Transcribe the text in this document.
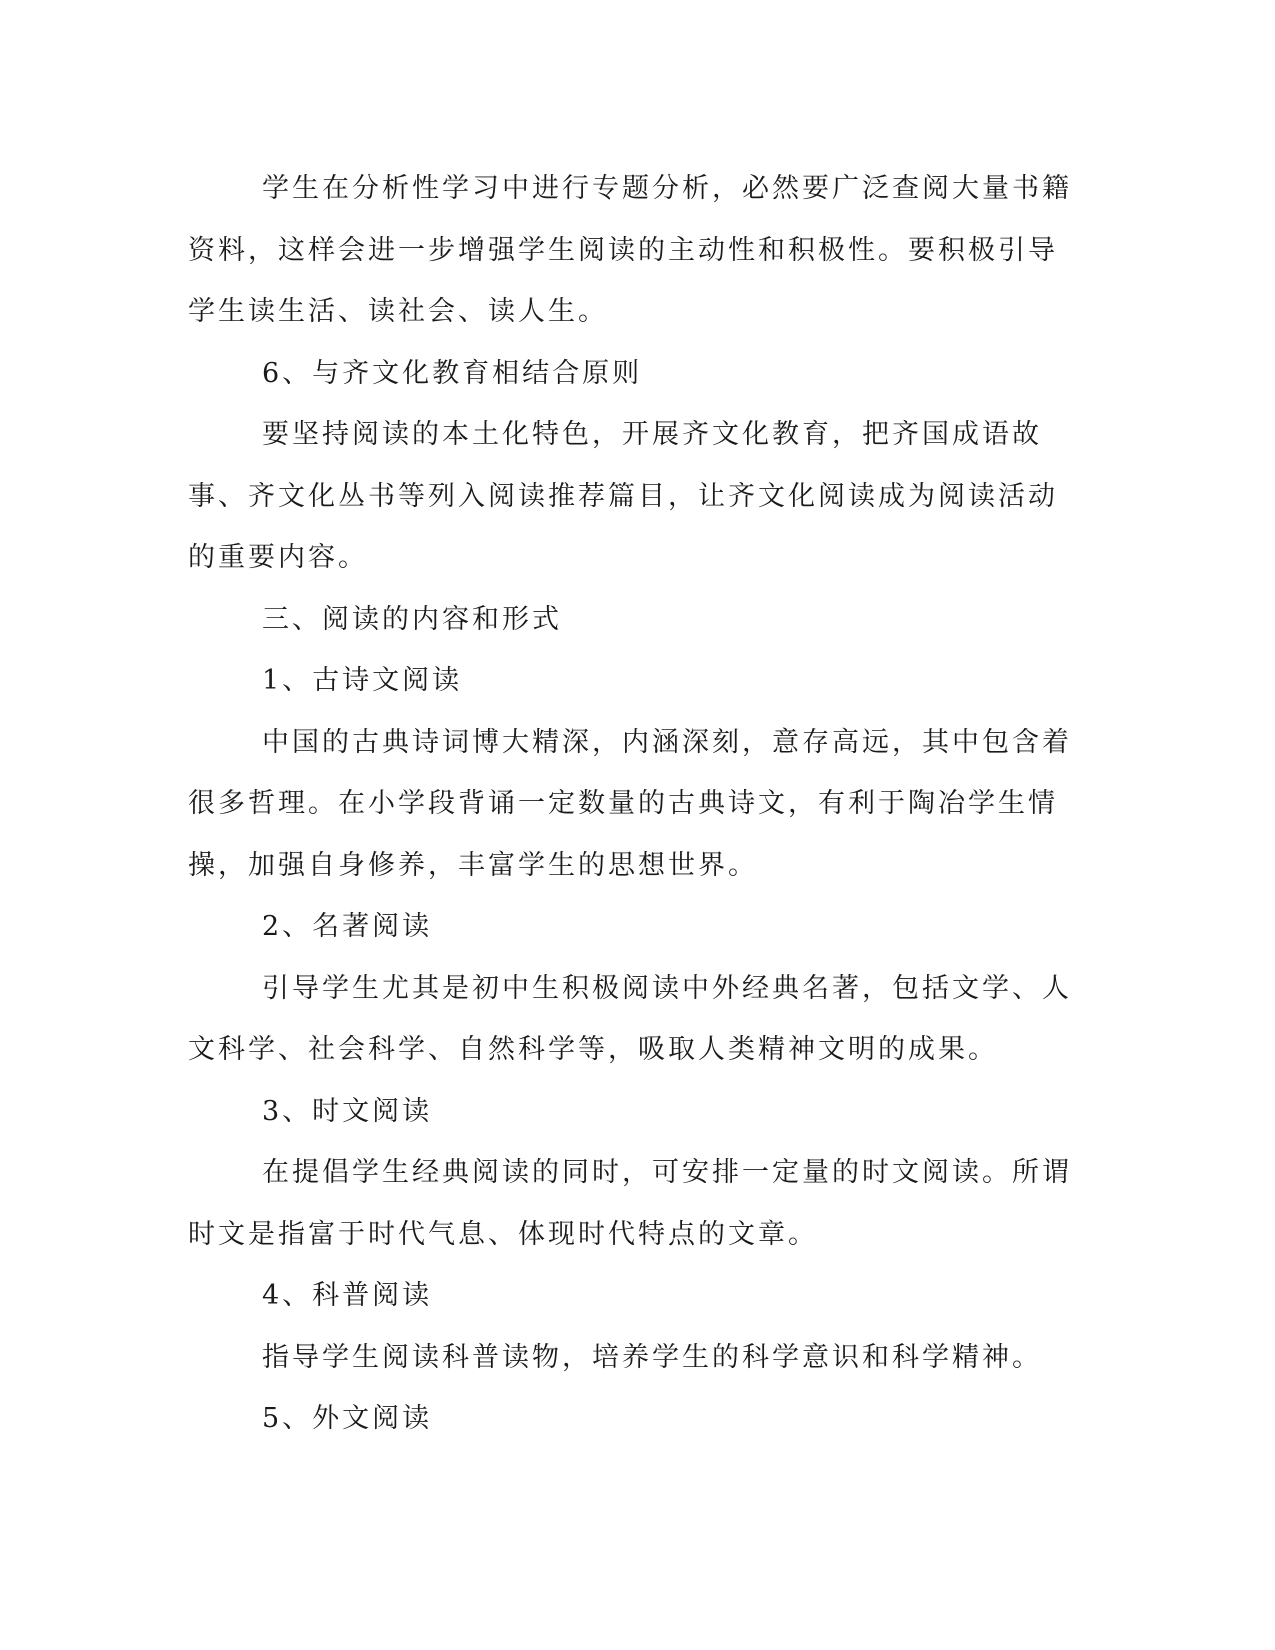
学生在分析性学习中进行专题分析，必然要广泛查阅大量书籍资料，这样会进一步增强学生阅读的主动性和积极性。要积极引导学生读生活、读社会、读人生。

6、与齐文化教育相结合原则

要坚持阅读的本土化特色，开展齐文化教育，把齐国成语故事、齐文化丛书等列入阅读推荐篇目，让齐文化阅读成为阅读活动的重要内容。

三、阅读的内容和形式

1、古诗文阅读

中国的古典诗词博大精深，内涵深刻，意存高远，其中包含着很多哲理。在小学段背诵一定数量的古典诗文，有利于陶冶学生情操，加强自身修养，丰富学生的思想世界。

2、名著阅读

引导学生尤其是初中生积极阅读中外经典名著，包括文学、人文科学、社会科学、自然科学等，吸取人类精神文明的成果。

3、时文阅读

在提倡学生经典阅读的同时，可安排一定量的时文阅读。所谓时文是指富于时代气息、体现时代特点的文章。

4、科普阅读

指导学生阅读科普读物，培养学生的科学意识和科学精神。

5、外文阅读
